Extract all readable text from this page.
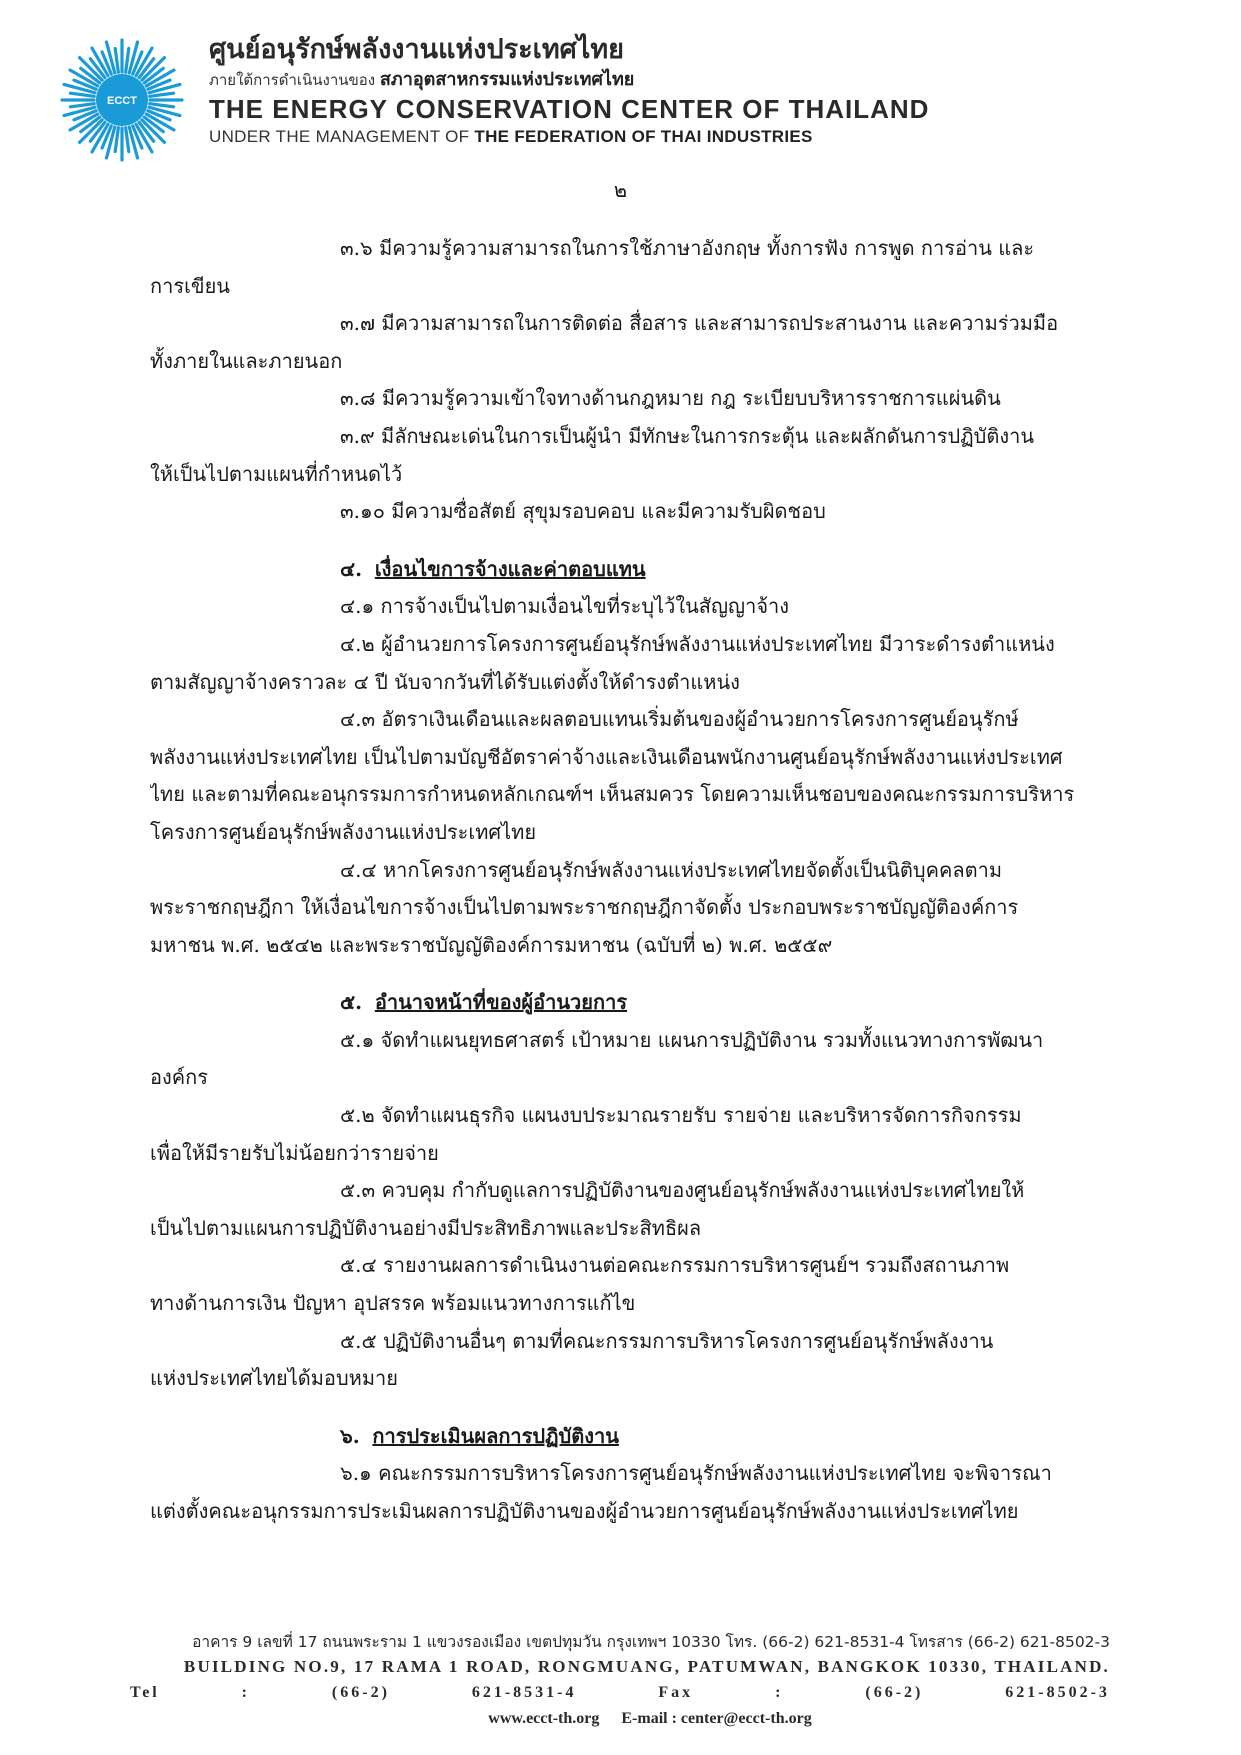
ECCT
ศูนย์อนุรักษ์พลังงานแห่งประเทศไทย
ภายใต้การดำเนินงานของ สภาอุตสาหกรรมแห่งประเทศไทย
THE ENERGY CONSERVATION CENTER OF THAILAND
UNDER THE MANAGEMENT OF THE FEDERATION OF THAI INDUSTRIES
๒

๓.๖ มีความรู้ความสามารถในการใช้ภาษาอังกฤษ ทั้งการฟัง การพูด การอ่าน และ

การเขียน

๓.๗ มีความสามารถในการติดต่อ สื่อสาร และสามารถประสานงาน และความร่วมมือ

ทั้งภายในและภายนอก

๓.๘ มีความรู้ความเข้าใจทางด้านกฎหมาย กฎ ระเบียบบริหารราชการแผ่นดิน

๓.๙ มีลักษณะเด่นในการเป็นผู้นำ มีทักษะในการกระตุ้น และผลักดันการปฏิบัติงาน

ให้เป็นไปตามแผนที่กำหนดไว้

๓.๑๐ มีความซื่อสัตย์ สุขุมรอบคอบ และมีความรับผิดชอบ

๔. เงื่อนไขการจ้างและค่าตอบแทน

๔.๑ การจ้างเป็นไปตามเงื่อนไขที่ระบุไว้ในสัญญาจ้าง

๔.๒ ผู้อำนวยการโครงการศูนย์อนุรักษ์พลังงานแห่งประเทศไทย มีวาระดำรงตำแหน่ง

ตามสัญญาจ้างคราวละ ๔ ปี นับจากวันที่ได้รับแต่งตั้งให้ดำรงตำแหน่ง

๔.๓ อัตราเงินเดือนและผลตอบแทนเริ่มต้นของผู้อำนวยการโครงการศูนย์อนุรักษ์

พลังงานแห่งประเทศไทย เป็นไปตามบัญชีอัตราค่าจ้างและเงินเดือนพนักงานศูนย์อนุรักษ์พลังงานแห่งประเทศ

ไทย และตามที่คณะอนุกรรมการกำหนดหลักเกณฑ์ฯ เห็นสมควร โดยความเห็นชอบของคณะกรรมการบริหาร

โครงการศูนย์อนุรักษ์พลังงานแห่งประเทศไทย

๔.๔ หากโครงการศูนย์อนุรักษ์พลังงานแห่งประเทศไทยจัดตั้งเป็นนิติบุคคลตาม

พระราชกฤษฎีกา ให้เงื่อนไขการจ้างเป็นไปตามพระราชกฤษฎีกาจัดตั้ง ประกอบพระราชบัญญัติองค์การ

มหาชน พ.ศ. ๒๕๔๒ และพระราชบัญญัติองค์การมหาชน (ฉบับที่ ๒) พ.ศ. ๒๕๕๙

๕. อำนาจหน้าที่ของผู้อำนวยการ

๕.๑ จัดทำแผนยุทธศาสตร์ เป้าหมาย แผนการปฏิบัติงาน รวมทั้งแนวทางการพัฒนา

องค์กร

๕.๒ จัดทำแผนธุรกิจ แผนงบประมาณรายรับ รายจ่าย และบริหารจัดการกิจกรรม

เพื่อให้มีรายรับไม่น้อยกว่ารายจ่าย

๕.๓ ควบคุม กำกับดูแลการปฏิบัติงานของศูนย์อนุรักษ์พลังงานแห่งประเทศไทยให้

เป็นไปตามแผนการปฏิบัติงานอย่างมีประสิทธิภาพและประสิทธิผล

๕.๔ รายงานผลการดำเนินงานต่อคณะกรรมการบริหารศูนย์ฯ รวมถึงสถานภาพ

ทางด้านการเงิน ปัญหา อุปสรรค พร้อมแนวทางการแก้ไข

๕.๕ ปฏิบัติงานอื่นๆ ตามที่คณะกรรมการบริหารโครงการศูนย์อนุรักษ์พลังงาน

แห่งประเทศไทยได้มอบหมาย

๖. การประเมินผลการปฏิบัติงาน

๖.๑ คณะกรรมการบริหารโครงการศูนย์อนุรักษ์พลังงานแห่งประเทศไทย จะพิจารณา

แต่งตั้งคณะอนุกรรมการประเมินผลการปฏิบัติงานของผู้อำนวยการศูนย์อนุรักษ์พลังงานแห่งประเทศไทย

อาคาร 9 เลขที่ 17 ถนนพระราม 1 แขวงรองเมือง เขตปทุมวัน กรุงเทพฯ 10330 โทร. (66-2) 621-8531-4 โทรสาร (66-2) 621-8502-3
BUILDING NO.9, 17 RAMA 1 ROAD, RONGMUANG, PATUMWAN, BANGKOK 10330, THAILAND.
Tel	:	(66-2)	621-8531-4	Fax	:	(66-2)	621-8502-3
www.ecct-th.org E-mail : center@ecct-th.org
